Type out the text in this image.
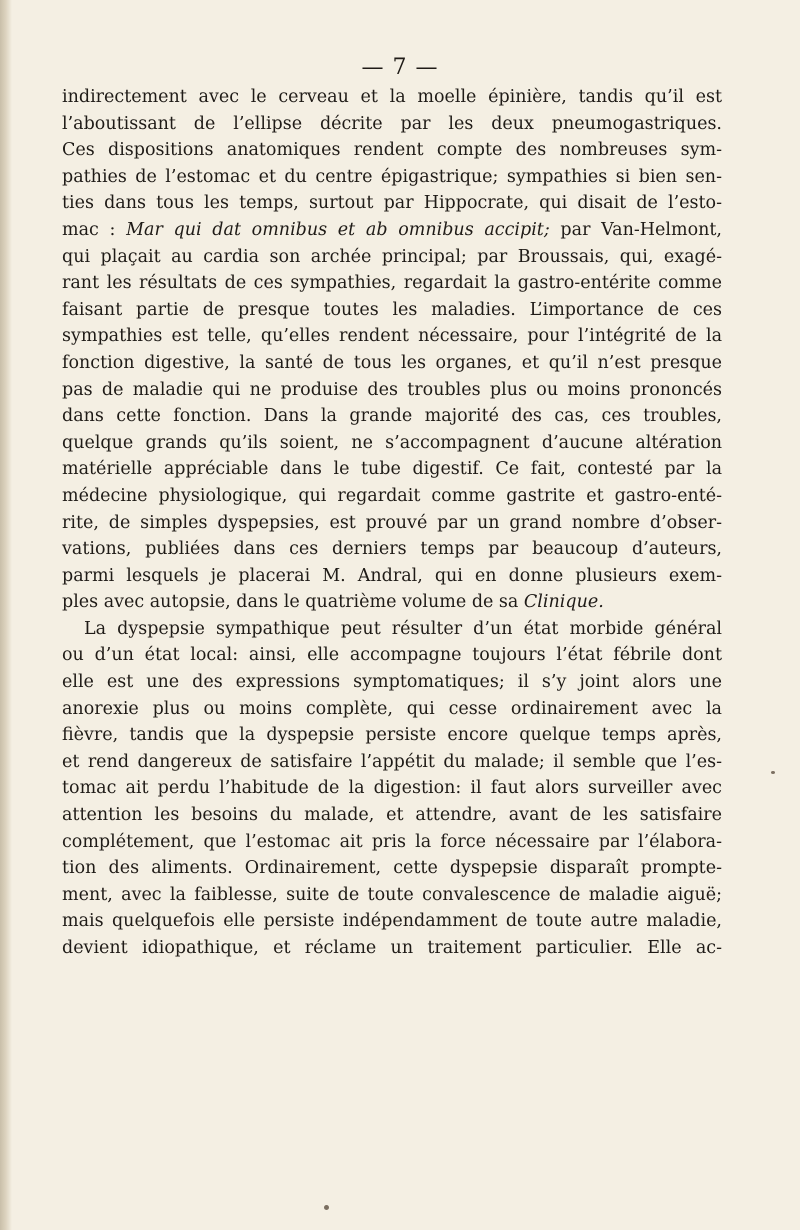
— 7 —
indirectement avec le cerveau et la moelle épinière, tandis qu’il est
l’aboutissant de l’ellipse décrite par les deux pneumogastriques.
Ces dispositions anatomiques rendent compte des nombreuses sym-
pathies de l’estomac et du centre épigastrique; sympathies si bien sen-
ties dans tous les temps, surtout par Hippocrate, qui disait de l’esto-
mac : Mar qui dat omnibus et ab omnibus accipit; par Van-Helmont,
qui plaçait au cardia son archée principal; par Broussais, qui, exagé-
rant les résultats de ces sympathies, regardait la gastro-entérite comme
faisant partie de presque toutes les maladies. L’importance de ces
sympathies est telle, qu’elles rendent nécessaire, pour l’intégrité de la
fonction digestive, la santé de tous les organes, et qu’il n’est presque
pas de maladie qui ne produise des troubles plus ou moins prononcés
dans cette fonction. Dans la grande majorité des cas, ces troubles,
quelque grands qu’ils soient, ne s’accompagnent d’aucune altération
matérielle appréciable dans le tube digestif. Ce fait, contesté par la
médecine physiologique, qui regardait comme gastrite et gastro-enté-
rite, de simples dyspepsies, est prouvé par un grand nombre d’obser-
vations, publiées dans ces derniers temps par beaucoup d’auteurs,
parmi lesquels je placerai M. Andral, qui en donne plusieurs exem-
ples avec autopsie, dans le quatrième volume de sa Clinique.
La dyspepsie sympathique peut résulter d’un état morbide général
ou d’un état local: ainsi, elle accompagne toujours l’état fébrile dont
elle est une des expressions symptomatiques; il s’y joint alors une
anorexie plus ou moins complète, qui cesse ordinairement avec la
fièvre, tandis que la dyspepsie persiste encore quelque temps après,
et rend dangereux de satisfaire l’appétit du malade; il semble que l’es-
tomac ait perdu l’habitude de la digestion: il faut alors surveiller avec
attention les besoins du malade, et attendre, avant de les satisfaire
complétement, que l’estomac ait pris la force nécessaire par l’élabora-
tion des aliments. Ordinairement, cette dyspepsie disparaît prompte-
ment, avec la faiblesse, suite de toute convalescence de maladie aiguë;
mais quelquefois elle persiste indépendamment de toute autre maladie,
devient idiopathique, et réclame un traitement particulier. Elle ac-
